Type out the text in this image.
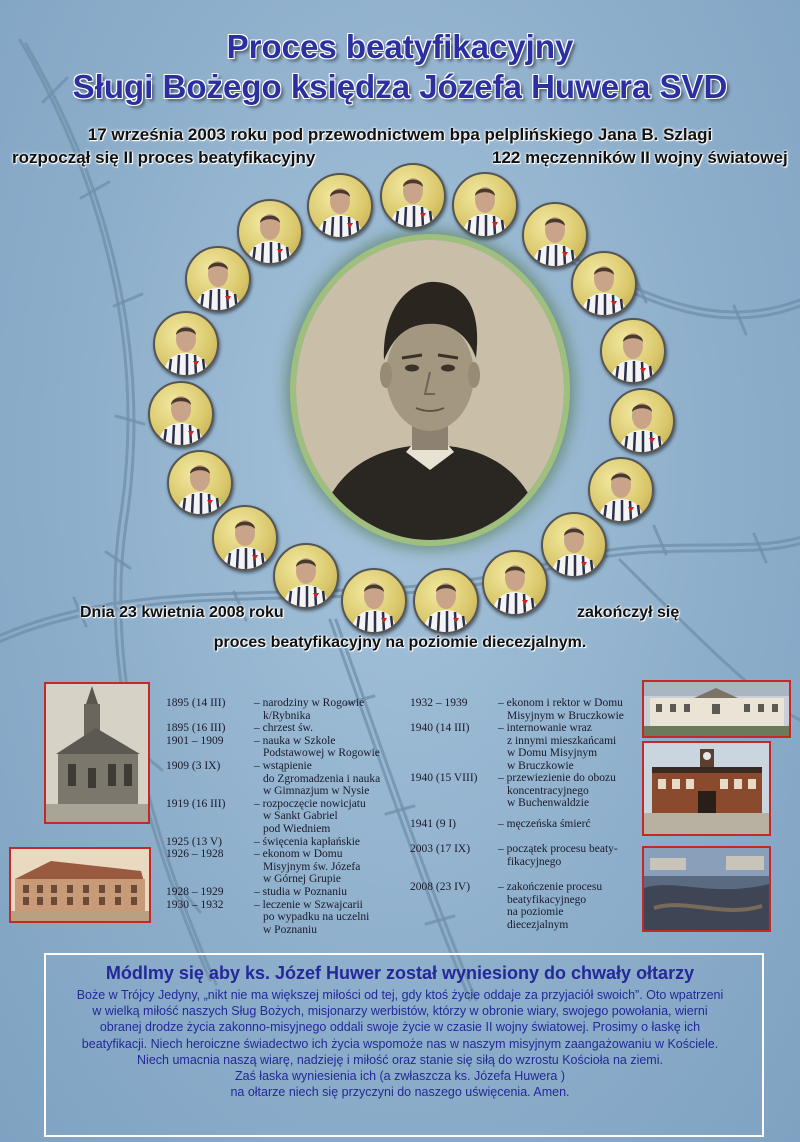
Proces beatyfikacyjny
Sługi Bożego księdza Józefa Huwera SVD
17 września 2003 roku pod przewodnictwem bpa pelplińskiego Jana B. Szlagi
rozpoczął się II proces beatyfikacyjny	122 męczenników II wojny światowej
Dnia 23 kwietnia 2008 roku	zakończył się
proces beatyfikacyjny na poziomie diecezjalnym.
1895 (14 III) – narodziny w Rogowie
k/Rybnika
1895 (16 III) – chrzest św.
1901 – 1909	– nauka w Szkole
Podstawowej w Rogowie
1909 (3 IX)	– wstąpienie
do Zgromadzenia i nauka
w Gimnazjum w Nysie
1919 (16 III) – rozpoczęcie nowicjatu
w Sankt Gabriel
pod Wiedniem
1925 (13 V)	– święcenia kapłańskie
1926 – 1928	– ekonom w Domu
Misyjnym św. Józefa
w Górnej Grupie
1928 – 1929	– studia w Poznaniu
1930 – 1932	– leczenie w Szwajcarii
po wypadku na uczelni
w Poznaniu
1932 – 1939	– ekonom i rektor w Domu
Misyjnym w Bruczkowie
1940 (14 III) – internowanie wraz
z innymi mieszkańcami
w Domu Misyjnym
w Bruczkowie
1940 (15 VIII) – przewiezienie do obozu
koncentracyjnego
w Buchenwaldzie
1941 (9 I)	– męczeńska śmierć
2003 (17 IX) – początek procesu beaty-
fikacyjnego
2008 (23 IV) – zakończenie procesu
beatyfikacyjnego
na poziomie
diecezjalnym
Módlmy się aby ks. Józef Huwer został wyniesiony do chwały ołtarzy
Boże w Trójcy Jedyny, „nikt nie ma większej miłości od tej, gdy ktoś życie oddaje za przyjaciół swoich”. Oto wpatrzeni
w wielką miłość naszych Sług Bożych, misjonarzy werbistów, którzy w obronie wiary, swojego powołania, wierni
obranej drodze życia zakonno-misyjnego oddali swoje życie w czasie II wojny światowej. Prosimy o łaskę ich
beatyfikacji. Niech heroiczne świadectwo ich życia wspomoże nas w naszym misyjnym zaangażowaniu w Kościele.
Niech umacnia naszą wiarę, nadzieję i miłość oraz stanie się siłą do wzrostu Kościoła na ziemi.
Zaś łaska wyniesienia ich (a zwłaszcza ks. Józefa Huwera )
na ołtarze niech się przyczyni do naszego uświęcenia. Amen.
